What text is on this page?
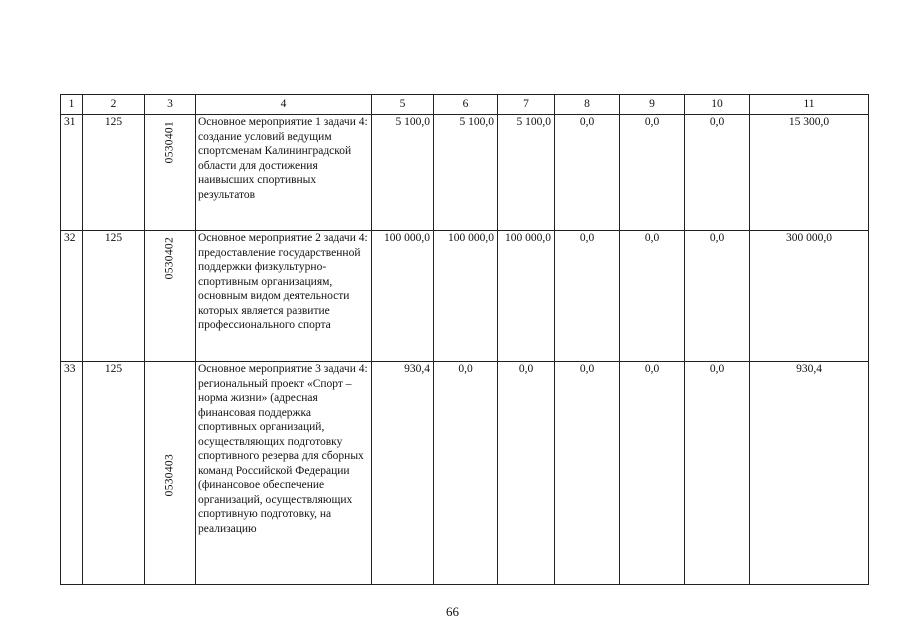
1	2	3	4	5	6	7	8	9	10	11
31	125	0530401	Основное мероприятие 1 задачи 4: создание условий ведущим спортсменам Калининградской области для достижения наивысших спортивных результатов	5 100,0	5 100,0	5 100,0	0,0	0,0	0,0	15 300,0
32	125	0530402	Основное мероприятие 2 задачи 4: предоставление государственной поддержки физкультурно-спортивным организациям, основным видом деятельности которых является развитие профессионального спорта	100 000,0	100 000,0	100 000,0	0,0	0,0	0,0	300 000,0
33	125	0530403	Основное мероприятие 3 задачи 4: региональный проект «Спорт – норма жизни» (адресная финансовая поддержка спортивных организаций, осуществляющих подготовку спортивного резерва для сборных команд Российской Федерации (финансовое обеспечение организаций, осуществляющих спортивную подготовку, на реализацию	930,4	0,0	0,0	0,0	0,0	0,0	930,4
66
